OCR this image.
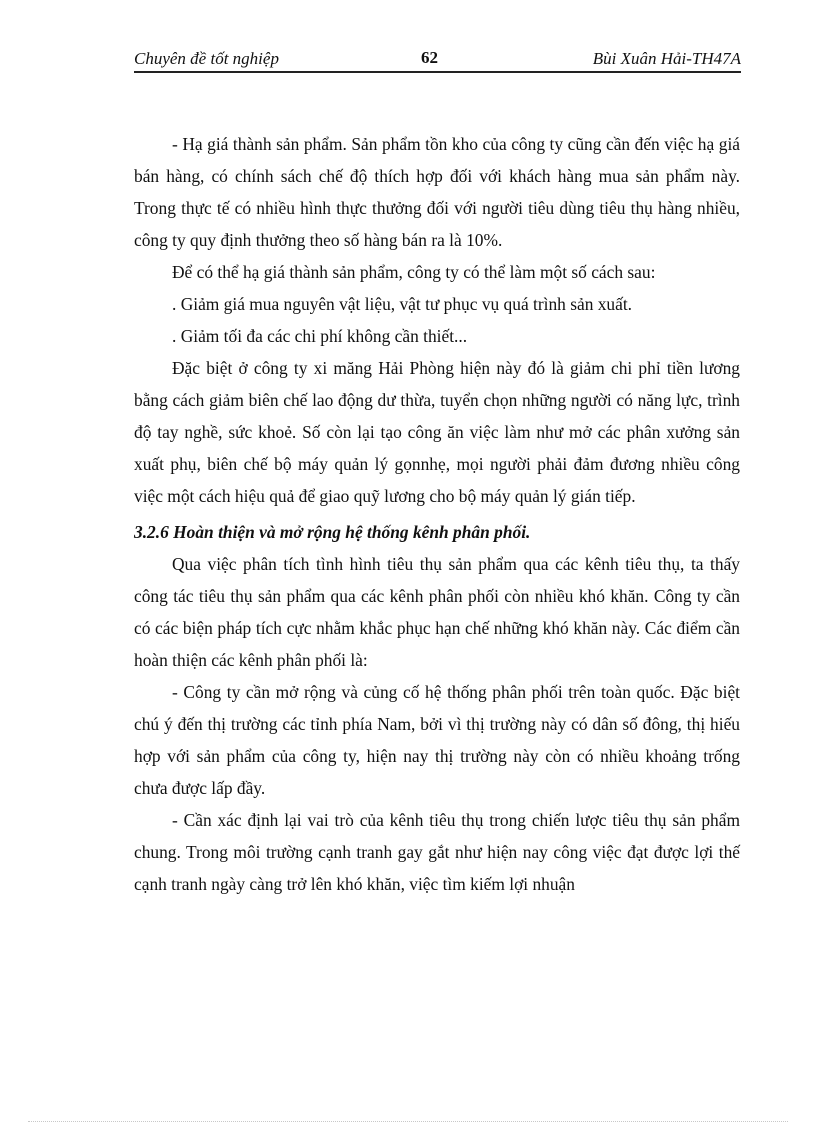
Chuyên đề tốt nghiệp	62	Bùi Xuân Hải-TH47A

- Hạ giá thành sản phẩm. Sản phẩm tồn kho của công ty cũng cần đến việc hạ giá bán hàng, có chính sách chế độ thích hợp đối với khách hàng mua sản phẩm này. Trong thực tế có nhiều hình thực thưởng đối với người tiêu dùng tiêu thụ hàng nhiều, công ty quy định thưởng theo số hàng bán ra là 10%.

Để có thể hạ giá thành sản phẩm, công ty có thể làm một số cách sau:

. Giảm giá mua nguyên vật liệu, vật tư phục vụ quá trình sản xuất.

. Giảm tối đa các chi phí không cần thiết...

Đặc biệt ở công ty xi măng Hải Phòng hiện này đó là giảm chi phỉ tiền lương bằng cách giảm biên chế lao động dư thừa, tuyển chọn những người có năng lực, trình độ tay nghề, sức khoẻ. Số còn lại tạo công ăn việc làm như mở các phân xưởng sản xuất phụ, biên chế bộ máy quản lý gọnnhẹ, mọi người phải đảm đương nhiều công việc một cách hiệu quả để giao quỹ lương cho bộ máy quản lý gián tiếp.

3.2.6 Hoàn thiện và mở rộng hệ thống kênh phân phối.

Qua việc phân tích tình hình tiêu thụ sản phẩm qua các kênh tiêu thụ, ta thấy công tác tiêu thụ sản phẩm qua các kênh phân phối còn nhiều khó khăn. Công ty cần có các biện pháp tích cực nhằm khắc phục hạn chế những khó khăn này. Các điểm cần hoàn thiện các kênh phân phối là:

- Công ty cần mở rộng và củng cố hệ thống phân phối trên toàn quốc. Đặc biệt chú ý đến thị trường các tỉnh phía Nam, bởi vì thị trường này có dân số đông, thị hiếu hợp với sản phẩm của công ty, hiện nay thị trường này còn có nhiều khoảng trống chưa được lấp đầy.

- Cần xác định lại vai trò của kênh tiêu thụ trong chiến lược tiêu thụ sản phẩm chung. Trong môi trường cạnh tranh gay gắt như hiện nay công việc đạt được lợi thế cạnh tranh ngày càng trở lên khó khăn, việc tìm kiếm lợi nhuận
